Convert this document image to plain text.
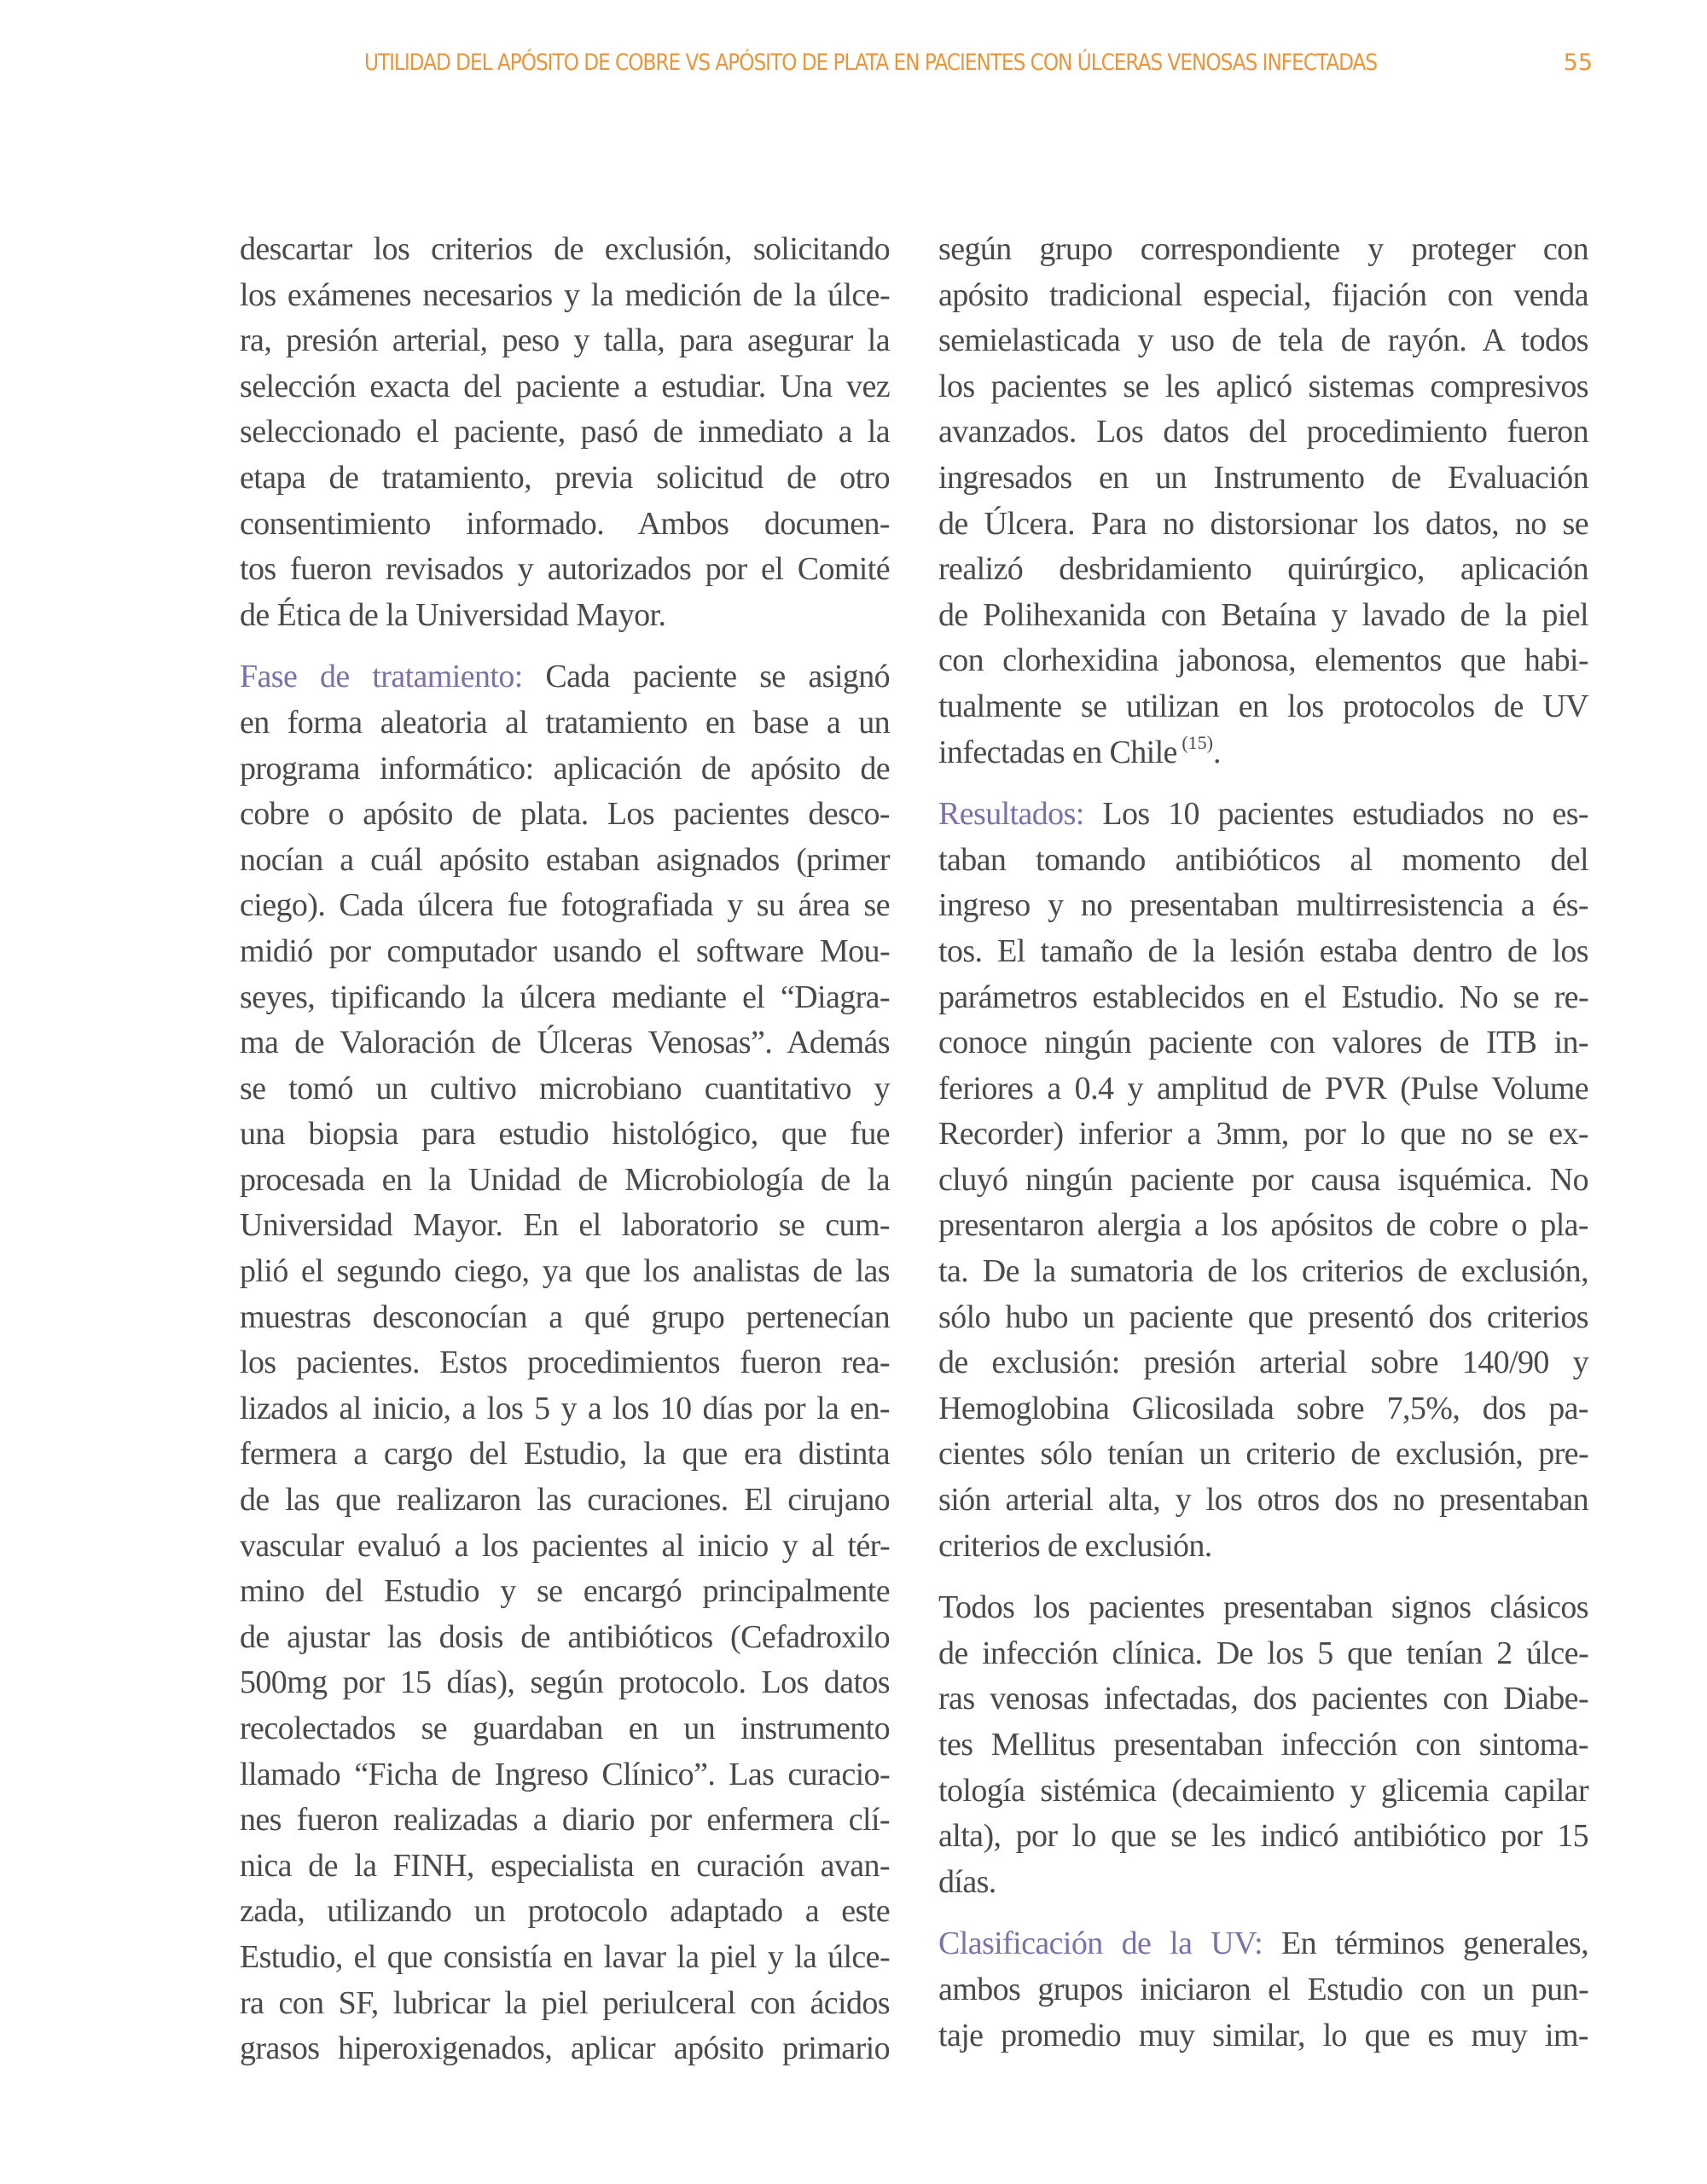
UTILIDAD DEL APÓSITO DE COBRE VS APÓSITO DE PLATA EN PACIENTES CON ÚLCERAS VENOSAS INFECTADAS	55
descartar los criterios de exclusión, solicitando
los exámenes necesarios y la medición de la úlce-
ra, presión arterial, peso y talla, para asegurar la
selección exacta del paciente a estudiar. Una vez
seleccionado el paciente, pasó de inmediato a la
etapa de tratamiento, previa solicitud de otro
consentimiento informado. Ambos documen-
tos fueron revisados y autorizados por el Comité
de Ética de la Universidad Mayor.
Fase de tratamiento: Cada paciente se asignó
en forma aleatoria al tratamiento en base a un
programa informático: aplicación de apósito de
cobre o apósito de plata. Los pacientes desco-
nocían a cuál apósito estaban asignados (primer
ciego). Cada úlcera fue fotografiada y su área se
midió por computador usando el software Mou-
seyes, tipificando la úlcera mediante el “Diagra-
ma de Valoración de Úlceras Venosas”. Además
se tomó un cultivo microbiano cuantitativo y
una biopsia para estudio histológico, que fue
procesada en la Unidad de Microbiología de la
Universidad Mayor. En el laboratorio se cum-
plió el segundo ciego, ya que los analistas de las
muestras desconocían a qué grupo pertenecían
los pacientes. Estos procedimientos fueron rea-
lizados al inicio, a los 5 y a los 10 días por la en-
fermera a cargo del Estudio, la que era distinta
de las que realizaron las curaciones. El cirujano
vascular evaluó a los pacientes al inicio y al tér-
mino del Estudio y se encargó principalmente
de ajustar las dosis de antibióticos (Cefadroxilo
500mg por 15 días), según protocolo. Los datos
recolectados se guardaban en un instrumento
llamado “Ficha de Ingreso Clínico”. Las curacio-
nes fueron realizadas a diario por enfermera clí-
nica de la FINH, especialista en curación avan-
zada, utilizando un protocolo adaptado a este
Estudio, el que consistía en lavar la piel y la úlce-
ra con SF, lubricar la piel periulceral con ácidos
grasos hiperoxigenados, aplicar apósito primario
según grupo correspondiente y proteger con
apósito tradicional especial, fijación con venda
semielasticada y uso de tela de rayón. A todos
los pacientes se les aplicó sistemas compresivos
avanzados. Los datos del procedimiento fueron
ingresados en un Instrumento de Evaluación
de Úlcera. Para no distorsionar los datos, no se
realizó desbridamiento quirúrgico, aplicación
de Polihexanida con Betaína y lavado de la piel
con clorhexidina jabonosa, elementos que habi-
tualmente se utilizan en los protocolos de UV
infectadas en Chile $^{(15)}$.
Resultados: Los 10 pacientes estudiados no es-
taban tomando antibióticos al momento del
ingreso y no presentaban multirresistencia a és-
tos. El tamaño de la lesión estaba dentro de los
parámetros establecidos en el Estudio. No se re-
conoce ningún paciente con valores de ITB in-
feriores a 0.4 y amplitud de PVR (Pulse Volume
Recorder) inferior a 3mm, por lo que no se ex-
cluyó ningún paciente por causa isquémica. No
presentaron alergia a los apósitos de cobre o pla-
ta. De la sumatoria de los criterios de exclusión,
sólo hubo un paciente que presentó dos criterios
de exclusión: presión arterial sobre 140/90 y
Hemoglobina Glicosilada sobre 7,5%, dos pa-
cientes sólo tenían un criterio de exclusión, pre-
sión arterial alta, y los otros dos no presentaban
criterios de exclusión.
Todos los pacientes presentaban signos clásicos
de infección clínica. De los 5 que tenían 2 úlce-
ras venosas infectadas, dos pacientes con Diabe-
tes Mellitus presentaban infección con sintoma-
tología sistémica (decaimiento y glicemia capilar
alta), por lo que se les indicó antibiótico por 15
días.
Clasificación de la UV: En términos generales,
ambos grupos iniciaron el Estudio con un pun-
taje promedio muy similar, lo que es muy im-
